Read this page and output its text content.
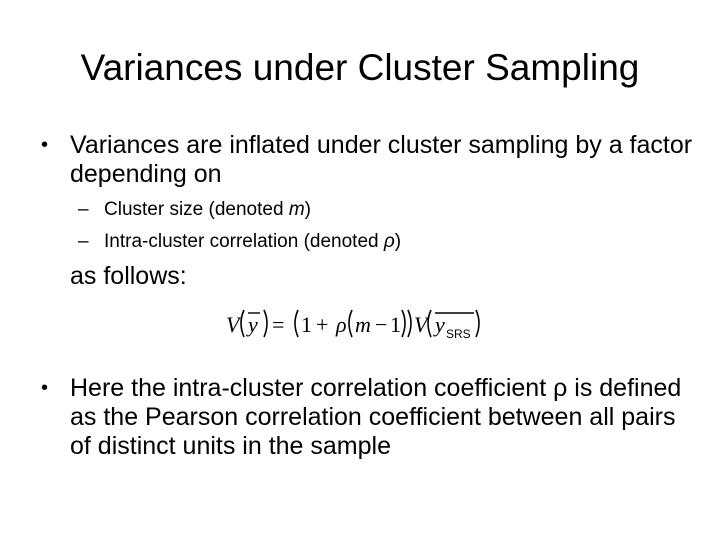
Variances under Cluster Sampling
• Variances are inflated under cluster sampling by a factor depending on
– Cluster size (denoted m)
– Intra-cluster correlation (denoted ρ)
as follows:
V y = 1 + ρ m − 1 V y SRS
• Here the intra-cluster correlation coefficient ρ is defined as the Pearson correlation coefficient between all pairs of distinct units in the sample
